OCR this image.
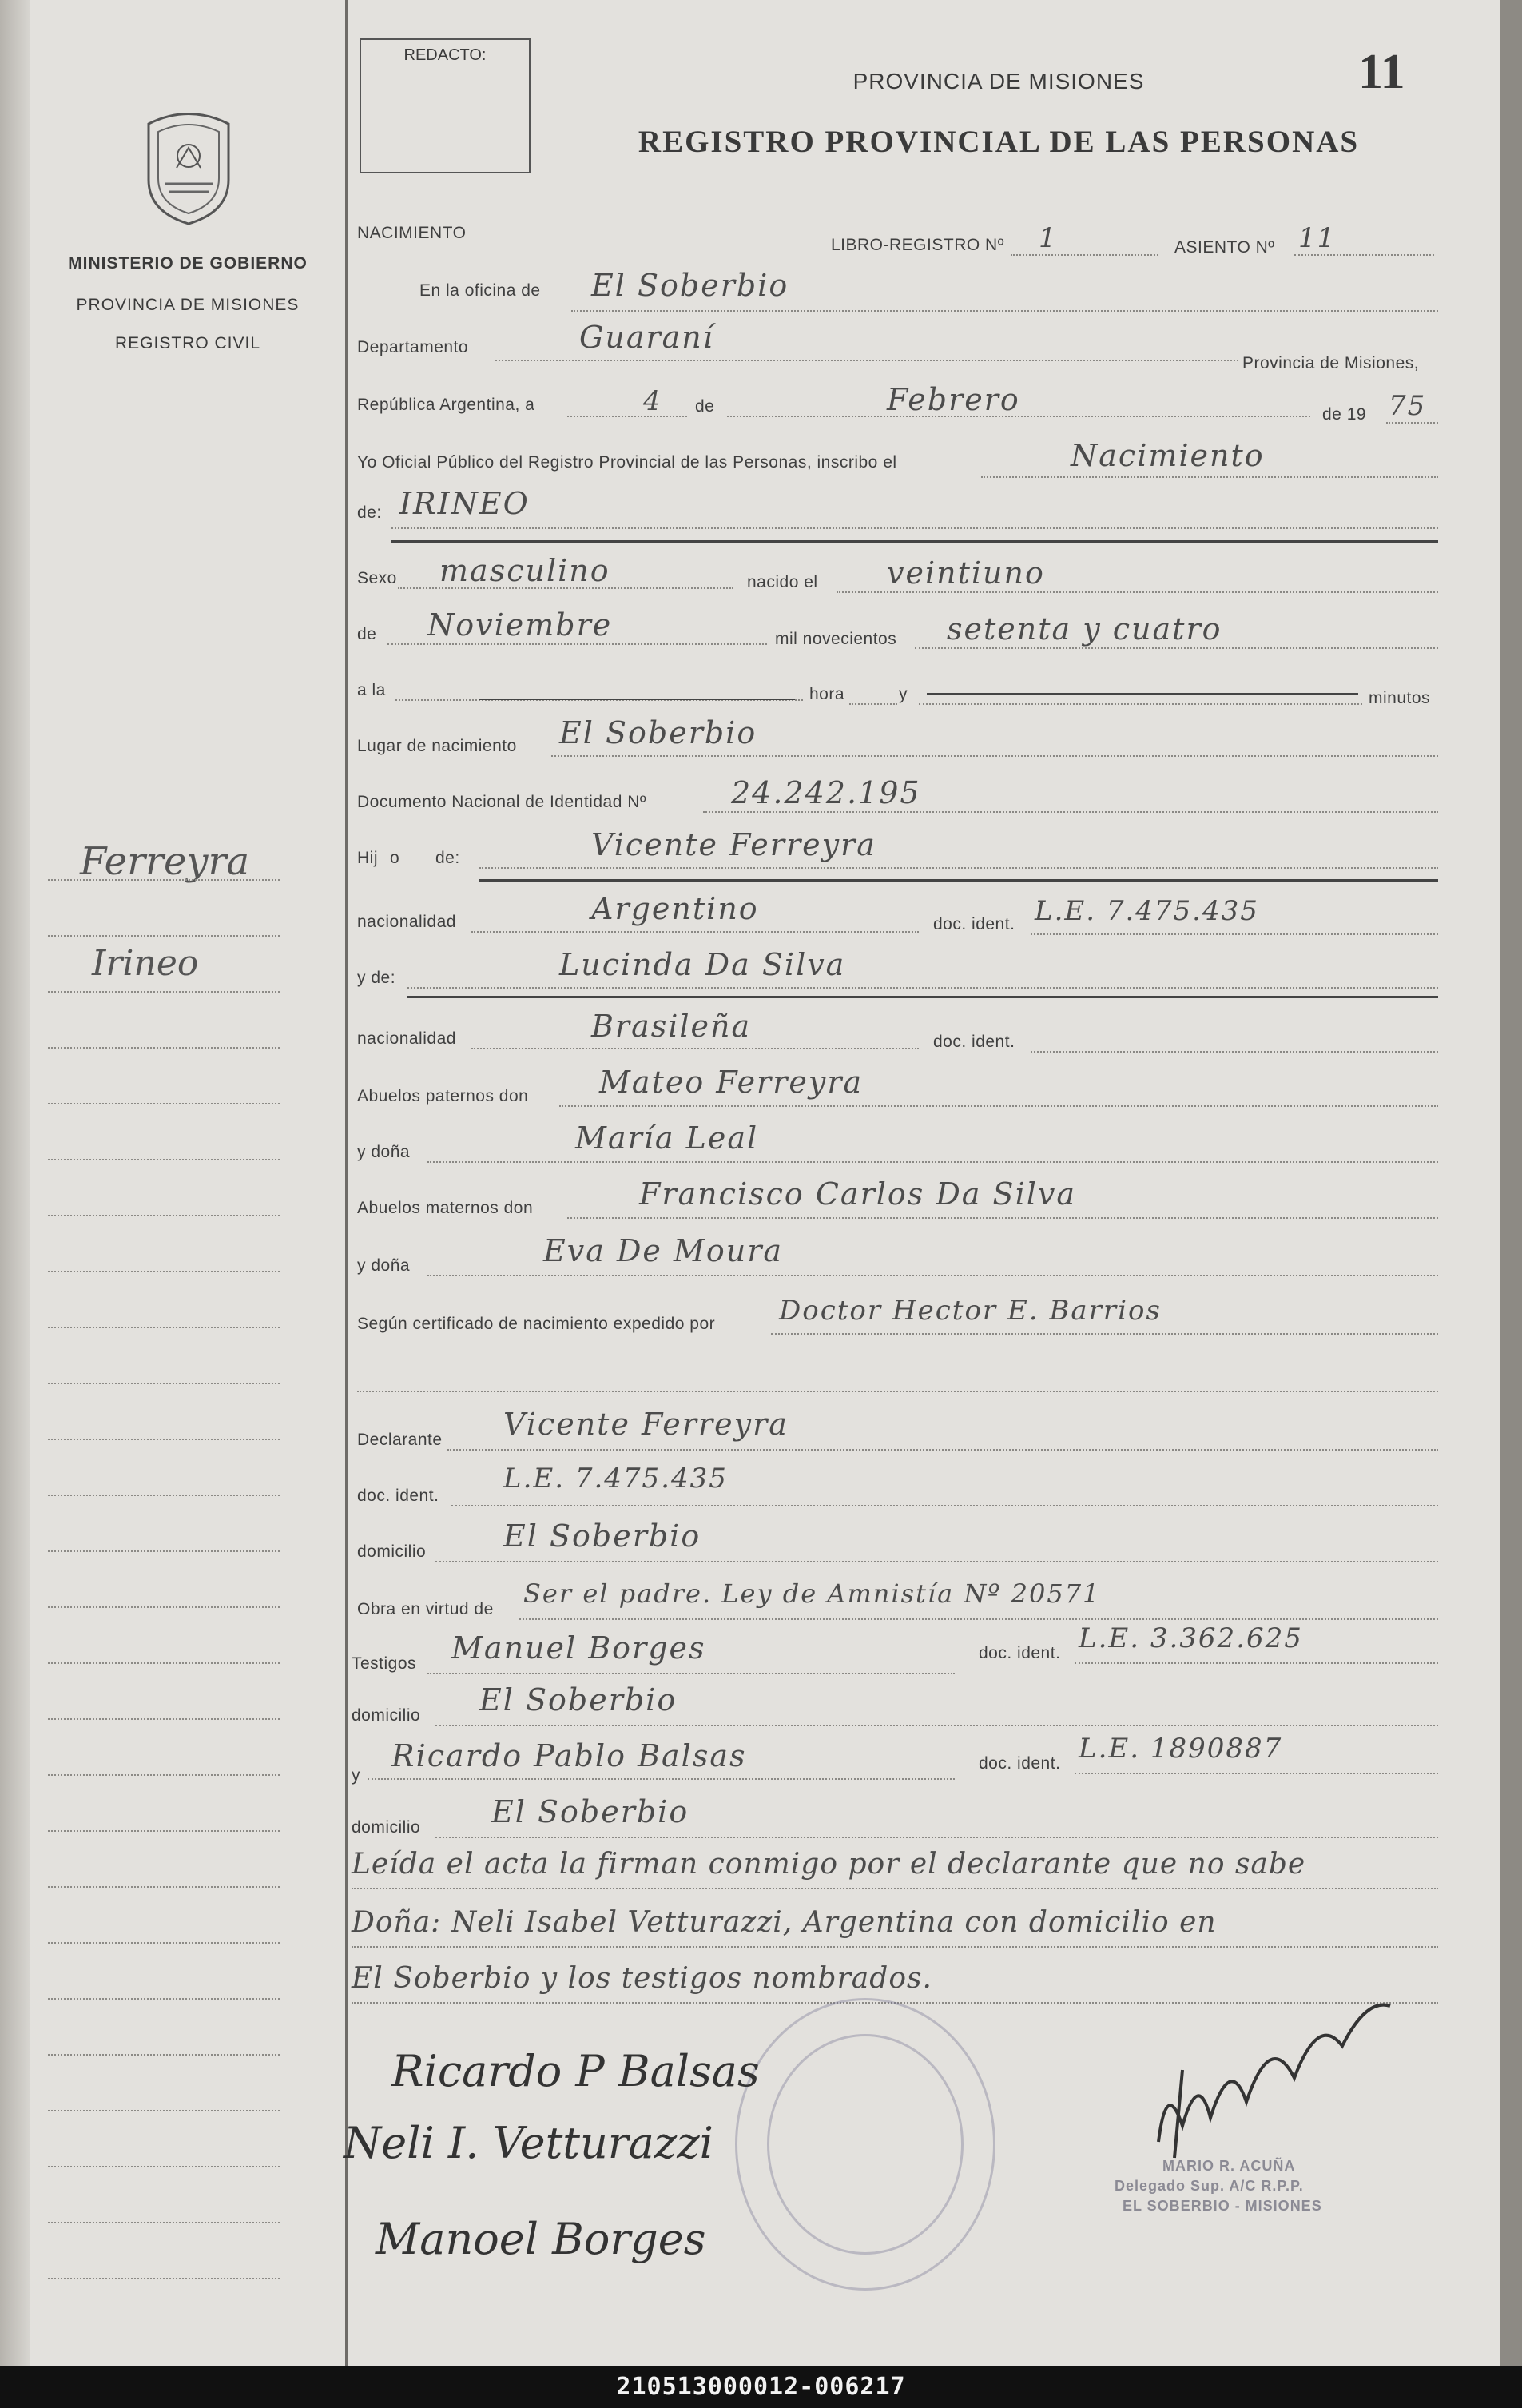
MINISTERIO DE GOBIERNO
PROVINCIA DE MISIONES
REGISTRO CIVIL
Ferreyra
Irineo
REDACTO:
PROVINCIA DE MISIONES
REGISTRO PROVINCIAL DE LAS PERSONAS
11
NACIMIENTO
LIBRO-REGISTRO Nº 1	ASIENTO Nº 11
En la oficina de El Soberbio
Departamento	Guaraní
Provincia de Misiones,
República Argentina, a	4 de	Febrero	de 19 75
Yo Oficial Público del Registro Provincial de las Personas, inscribo el	Nacimiento
de: IRINEO
Sexo masculino	nacido el veintiuno
de Noviembre	mil novecientos setenta y cuatro
a la	hora	y	minutos
Lugar de nacimiento El Soberbio
Documento Nacional de Identidad Nº	24.242.195
Hij o de:	Vicente Ferreyra
nacionalidad	Argentino	doc. ident. L.E. 7.475.435
y de:	Lucinda Da Silva
nacionalidad	Brasileña	doc. ident.
Abuelos paternos don Mateo Ferreyra
y doña	María Leal
Abuelos maternos don	Francisco Carlos Da Silva
y doña	Eva De Moura
Según certificado de nacimiento expedido por Doctor Hector E. Barrios
Declarante Vicente Ferreyra
doc. ident.
L.E. 7.475.435
domicilio	El Soberbio
Obra en virtud de
Ser el padre. Ley de Amnistía Nº 20571
Testigos Manuel Borges	doc. ident. L.E. 3.362.625
domicilio El Soberbio
y
Ricardo Pablo Balsas	doc. ident. L.E. 1890887
domicilio El Soberbio
Leída el acta la firman conmigo por el declarante que no sabe
Doña: Neli Isabel Vetturazzi, Argentina con domicilio en
El Soberbio y los testigos nombrados.
Ricardo P Balsas
Neli I. Vetturazzi
Manoel Borges
MARIO R. ACUÑA
Delegado Sup. A/C R.P.P.
EL SOBERBIO - MISIONES
210513000012-006217
